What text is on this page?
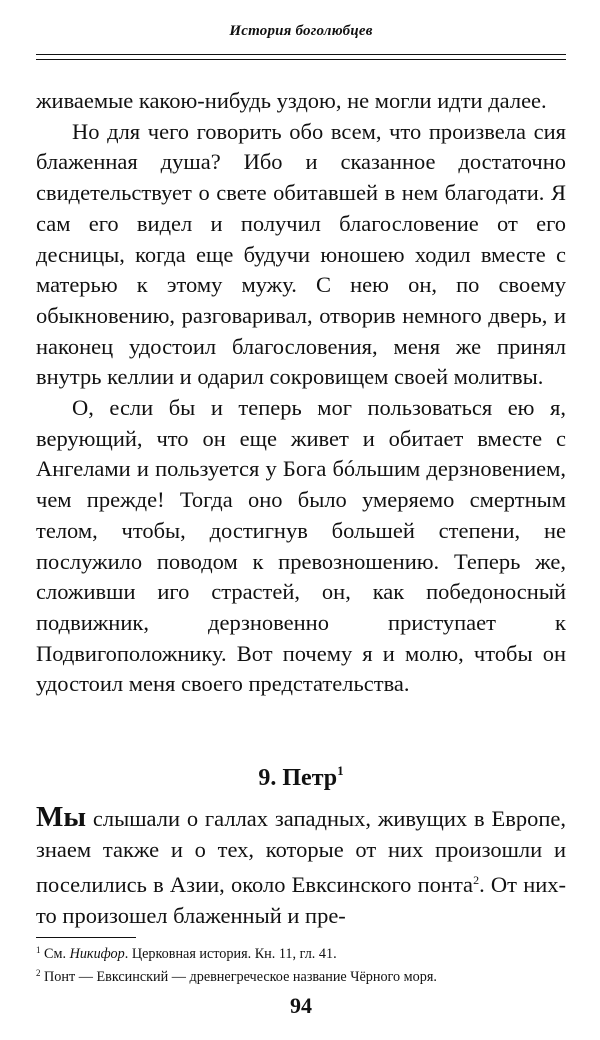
История боголюбцев

живаемые какою-нибудь уздою, не могли идти далее.

Но для чего говорить обо всем, что произвела сия блаженная душа? Ибо и сказанное достаточно свидетельствует о свете обитавшей в нем благодати. Я сам его видел и получил благословение от его десницы, когда еще будучи юношею ходил вместе с матерью к этому мужу. С нею он, по своему обыкновению, разговаривал, отворив немного дверь, и наконец удостоил благословения, меня же принял внутрь келлии и одарил сокровищем своей молитвы.

О, если бы и теперь мог пользоваться ею я, верующий, что он еще живет и обитает вместе с Ангелами и пользуется у Бога бóльшим дерзновением, чем прежде! Тогда оно было умеряемо смертным телом, чтобы, достигнув большей степени, не послужило поводом к превозношению. Теперь же, сложивши иго страстей, он, как победоносный подвижник, дерзновенно приступает к Подвигоположнику. Вот почему я и молю, чтобы он удостоил меня своего предстательства.

9. Петр$^1$

Мы слышали о галлах западных, живущих в Европе, знаем также и о тех, которые от них произошли и поселились в Азии, около Евксинского понта$^2$. От них-то произошел блаженный и пре-

$^1$ См. Никифор. Церковная история. Кн. 11, гл. 41.
$^2$ Понт — Евксинский — древнегреческое название Чёрного моря.
94
